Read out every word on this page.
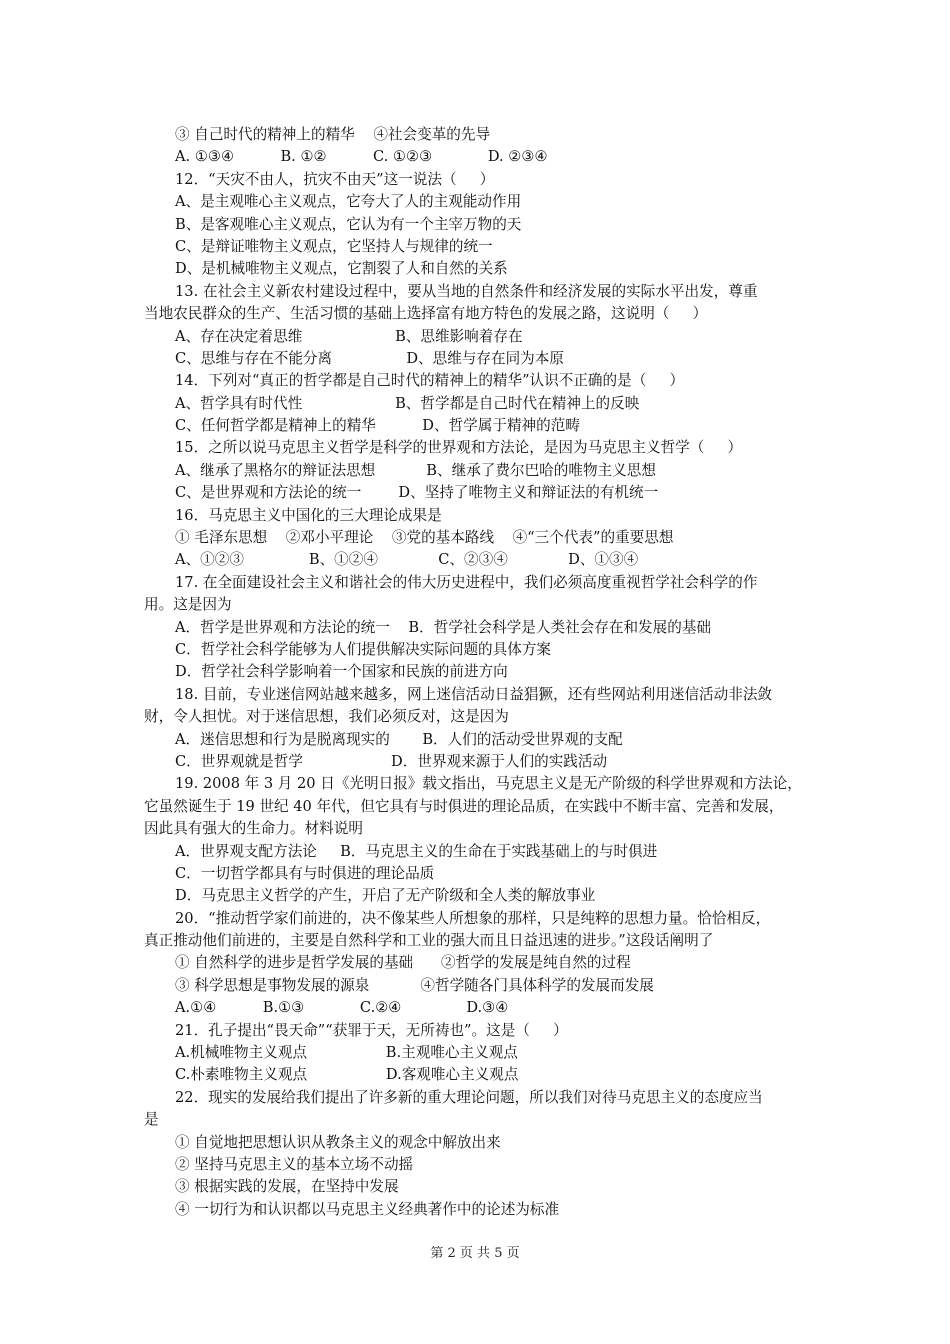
③ 自己时代的精神上的精华    ④社会变革的先导
A. ①③④          B. ①②          C. ①②③            D. ②③④
12．“天灾不由人，抗灾不由天”这一说法（     ）
A、是主观唯心主义观点，它夸大了人的主观能动作用
B、是客观唯心主义观点，它认为有一个主宰万物的天
C、是辩证唯物主义观点，它坚持人与规律的统一
D、是机械唯物主义观点，它割裂了人和自然的关系
13. 在社会主义新农村建设过程中，要从当地的自然条件和经济发展的实际水平出发，尊重
当地农民群众的生产、生活习惯的基础上选择富有地方特色的发展之路，这说明（     ）
A、存在决定着思维                    B、思维影响着存在
C、思维与存在不能分离                D、思维与存在同为本原
14．下列对“真正的哲学都是自己时代的精神上的精华”认识不正确的是（     ）
A、哲学具有时代性                    B、哲学都是自己时代在精神上的反映
C、任何哲学都是精神上的精华          D、哲学属于精神的范畴
15．之所以说马克思主义哲学是科学的世界观和方法论，是因为马克思主义哲学（     ）
A、继承了黑格尔的辩证法思想           B、继承了费尔巴哈的唯物主义思想
C、是世界观和方法论的统一        D、坚持了唯物主义和辩证法的有机统一
16．马克思主义中国化的三大理论成果是
① 毛泽东思想    ②邓小平理论    ③党的基本路线    ④“三个代表”的重要思想
A、①②③              B、①②④             C、②③④             D、①③④
17. 在全面建设社会主义和谐社会的伟大历史进程中，我们必须高度重视哲学社会科学的作
用。这是因为
A．哲学是世界观和方法论的统一    B．哲学社会科学是人类社会存在和发展的基础
C．哲学社会科学能够为人们提供解决实际问题的具体方案
D．哲学社会科学影响着一个国家和民族的前进方向
18. 目前，专业迷信网站越来越多，网上迷信活动日益猖獗，还有些网站利用迷信活动非法敛
财，令人担忧。对于迷信思想，我们必须反对，这是因为
A．迷信思想和行为是脱离现实的       B．人们的活动受世界观的支配
C．世界观就是哲学                   D．世界观来源于人们的实践活动
19. 2008 年 3 月 20 日《光明日报》载文指出，马克思主义是无产阶级的科学世界观和方法论，
它虽然诞生于 19 世纪 40 年代，但它具有与时俱进的理论品质，在实践中不断丰富、完善和发展，
因此具有强大的生命力。材料说明
A．世界观支配方法论     B．马克思主义的生命在于实践基础上的与时俱进
C．一切哲学都具有与时俱进的理论品质
D．马克思主义哲学的产生，开启了无产阶级和全人类的解放事业
20．“推动哲学家们前进的，决不像某些人所想象的那样，只是纯粹的思想力量。恰恰相反，
真正推动他们前进的，主要是自然科学和工业的强大而且日益迅速的进步。”这段话阐明了
① 自然科学的进步是哲学发展的基础      ②哲学的发展是纯自然的过程
③ 科学思想是事物发展的源泉           ④哲学随各门具体科学的发展而发展
A.①④          B.①③            C.②④              D.③④
21．孔子提出“畏天命”“获罪于天，无所祷也”。这是（     ）
A.机械唯物主义观点                 B.主观唯心主义观点
C.朴素唯物主义观点                 D.客观唯心主义观点
22．现实的发展给我们提出了许多新的重大理论问题，所以我们对待马克思主义的态度应当
是
① 自觉地把思想认识从教条主义的观念中解放出来
② 坚持马克思主义的基本立场不动摇
③ 根据实践的发展，在坚持中发展
④ 一切行为和认识都以马克思主义经典著作中的论述为标准
第 2 页 共 5 页
